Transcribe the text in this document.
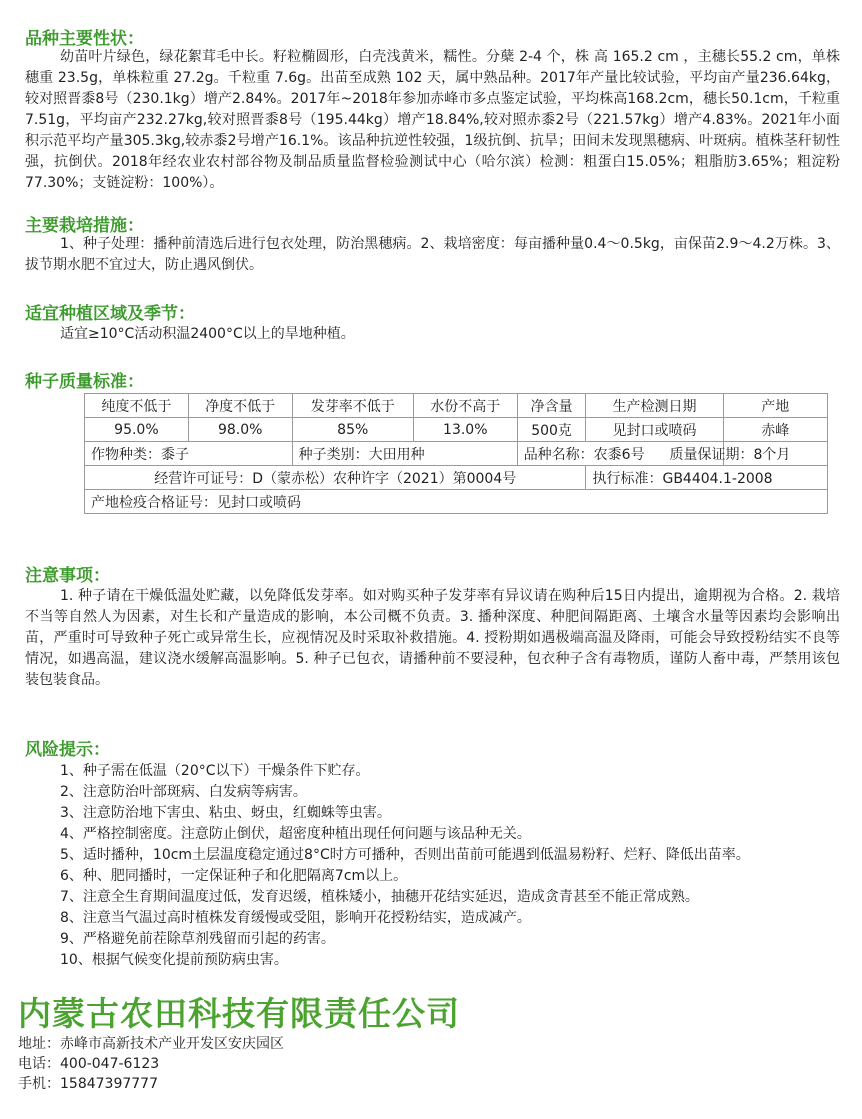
品种主要性状：
幼苗叶片绿色，绿花絮茸毛中长。籽粒椭圆形，白壳浅黄米，糯性。分蘖 2-4 个，株 高 165.2 cm ，主穗长55.2 cm，单株穗重 23.5g，单株粒重 27.2g。千粒重 7.6g。出苗至成熟 102 天，属中熟品种。2017年产量比较试验，平均亩产量236.64kg，较对照晋黍8号（230.1kg）增产2.84%。2017年~2018年参加赤峰市多点鉴定试验，平均株高168.2cm，穗长50.1cm，千粒重7.51g，平均亩产232.27kg,较对照晋黍8号（195.44kg）增产18.84%,较对照赤黍2号（221.57kg）增产4.83%。2021年小面积示范平均产量305.3kg,较赤黍2号增产16.1%。该品种抗逆性较强，1级抗倒、抗旱；田间未发现黑穗病、叶斑病。植株茎秆韧性强，抗倒伏。2018年经农业农村部谷物及制品质量监督检验测试中心（哈尔滨）检测：粗蛋白15.05%；粗脂肪3.65%；粗淀粉77.30%；支链淀粉：100%）。
主要栽培措施：
1、种子处理：播种前清选后进行包衣处理，防治黑穗病。2、栽培密度：每亩播种量0.4～0.5kg，亩保苗2.9～4.2万株。3、拔节期水肥不宜过大，防止遇风倒伏。
适宜种植区域及季节：
适宜≥10°C活动积温2400°C以上的旱地种植。
种子质量标准：
纯度不低于	净度不低于	发芽率不低于	水份不高于	净含量	生产检测日期	产地
95.0%	98.0%	85%	13.0%	500克	见封口或喷码	赤峰
作物种类：黍子		种子类别：大田用种		品种名称：农黍6号		质量保证期：8个月
经营许可证号：D（蒙赤松）农种许字（2021）第0004号					执行标准：GB4404.1-2008	
产地检疫合格证号：见封口或喷码						
注意事项：
1. 种子请在干燥低温处贮藏，以免降低发芽率。如对购买种子发芽率有异议请在购种后15日内提出，逾期视为合格。2. 栽培不当等自然人为因素，对生长和产量造成的影响，本公司概不负责。3. 播种深度、种肥间隔距离、土壤含水量等因素均会影响出苗，严重时可导致种子死亡或异常生长，应视情况及时采取补救措施。4. 授粉期如遇极端高温及降雨，可能会导致授粉结实不良等情况，如遇高温，建议浇水缓解高温影响。5. 种子已包衣，请播种前不要浸种，包衣种子含有毒物质，谨防人畜中毒，严禁用该包装包装食品。
风险提示：
1、种子需在低温（20°C以下）干燥条件下贮存。
2、注意防治叶部斑病、白发病等病害。
3、注意防治地下害虫、粘虫、蚜虫，红蜘蛛等虫害。
4、严格控制密度。注意防止倒伏，超密度种植出现任何问题与该品种无关。
5、适时播种，10cm土层温度稳定通过8°C时方可播种，否则出苗前可能遇到低温易粉籽、烂籽、降低出苗率。
6、种、肥同播时，一定保证种子和化肥隔离7cm以上。
7、注意全生育期间温度过低，发育迟缓，植株矮小，抽穗开花结实延迟，造成贪青甚至不能正常成熟。
8、注意当气温过高时植株发育缓慢或受阻，影响开花授粉结实，造成减产。
9、严格避免前茬除草剂残留而引起的药害。
10、根据气候变化提前预防病虫害。
内蒙古农田科技有限责任公司
地址：赤峰市高新技术产业开发区安庆园区
电话：400-047-6123
手机：15847397777
